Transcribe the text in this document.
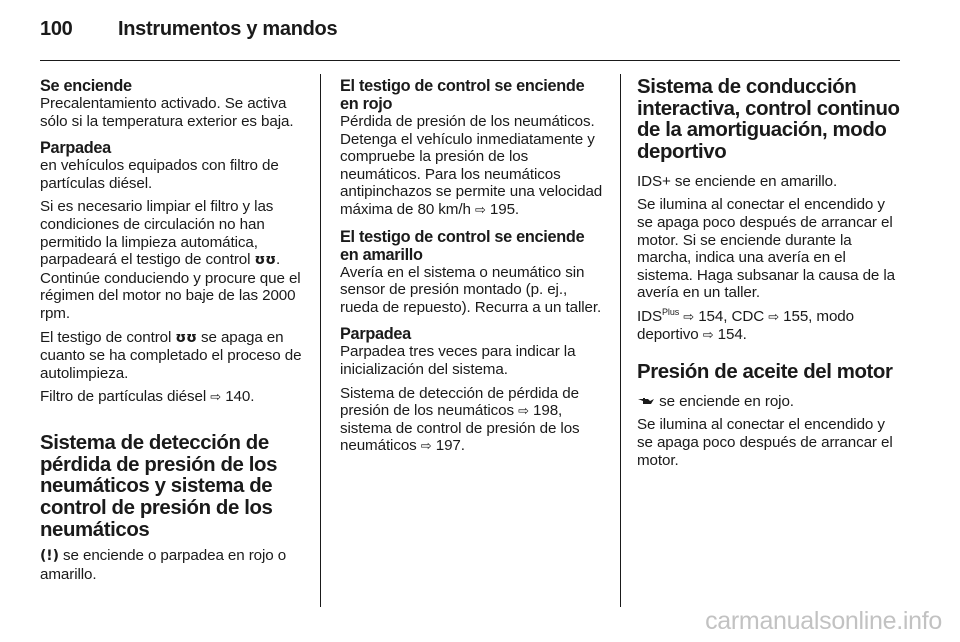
100 Instrumentos y mandos
Se enciende

Precalentamiento activado. Se activa sólo si la temperatura exterior es baja.

Parpadea

en vehículos equipados con filtro de partículas diésel.

Si es necesario limpiar el filtro y las condiciones de circulación no han permitido la limpieza automática, parpadeará el testigo de control ʊʊ. Continúe conduciendo y procure que el régimen del motor no baje de las 2000 rpm.

El testigo de control ʊʊ se apaga en cuanto se ha completado el proceso de autolimpieza.

Filtro de partículas diésel ⇨ 140.

Sistema de detección de pérdida de presión de los neumáticos y sistema de control de presión de los neumáticos

(!) se enciende o parpadea en rojo o amarillo.

El testigo de control se enciende en rojo

Pérdida de presión de los neumáticos. Detenga el vehículo inmediatamente y compruebe la presión de los neumáticos. Para los neumáticos antipinchazos se permite una velocidad máxima de 80 km/h ⇨ 195.

El testigo de control se enciende en amarillo

Avería en el sistema o neumático sin sensor de presión montado (p. ej., rueda de repuesto). Recurra a un taller.

Parpadea

Parpadea tres veces para indicar la inicialización del sistema.

Sistema de detección de pérdida de presión de los neumáticos ⇨ 198, sistema de control de presión de los neumáticos ⇨ 197.

Sistema de conducción interactiva, control continuo de la amortiguación, modo deportivo

IDS+ se enciende en amarillo.

Se ilumina al conectar el encendido y se apaga poco después de arrancar el motor. Si se enciende durante la marcha, indica una avería en el sistema. Haga subsanar la causa de la avería en un taller.

$IDS^{Plus}$ ⇨ 154, CDC ⇨ 155, modo deportivo ⇨ 154.

Presión de aceite del motor

se enciende en rojo.

Se ilumina al conectar el encendido y se apaga poco después de arrancar el motor.

carmanualsonline.info
